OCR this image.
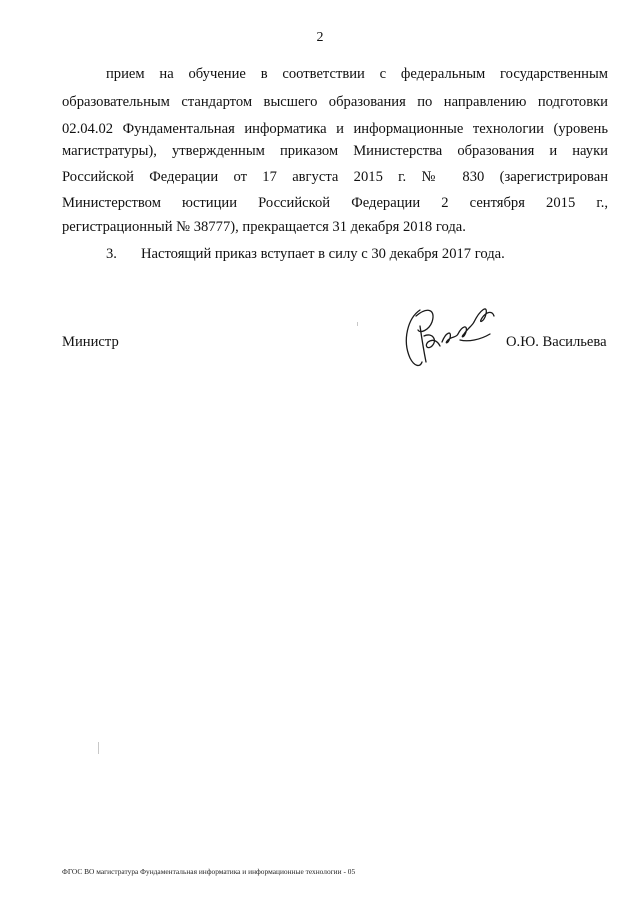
2
прием на обучение в соответствии с федеральным государственным
образовательным стандартом высшего образования по направлению подготовки
02.04.02 Фундаментальная информатика и информационные технологии (уровень
магистратуры), утвержденным приказом Министерства образования и науки
Российской Федерации от 17 августа 2015 г. № 830 (зарегистрирован
Министерством юстиции Российской Федерации 2 сентября 2015 г.,
регистрационный № 38777), прекращается 31 декабря 2018 года.
3. Настоящий приказ вступает в силу с 30 декабря 2017 года.
Министр	О.Ю. Васильева
ФГОС ВО магистратура Фундаментальная информатика и информационные технологии - 05
